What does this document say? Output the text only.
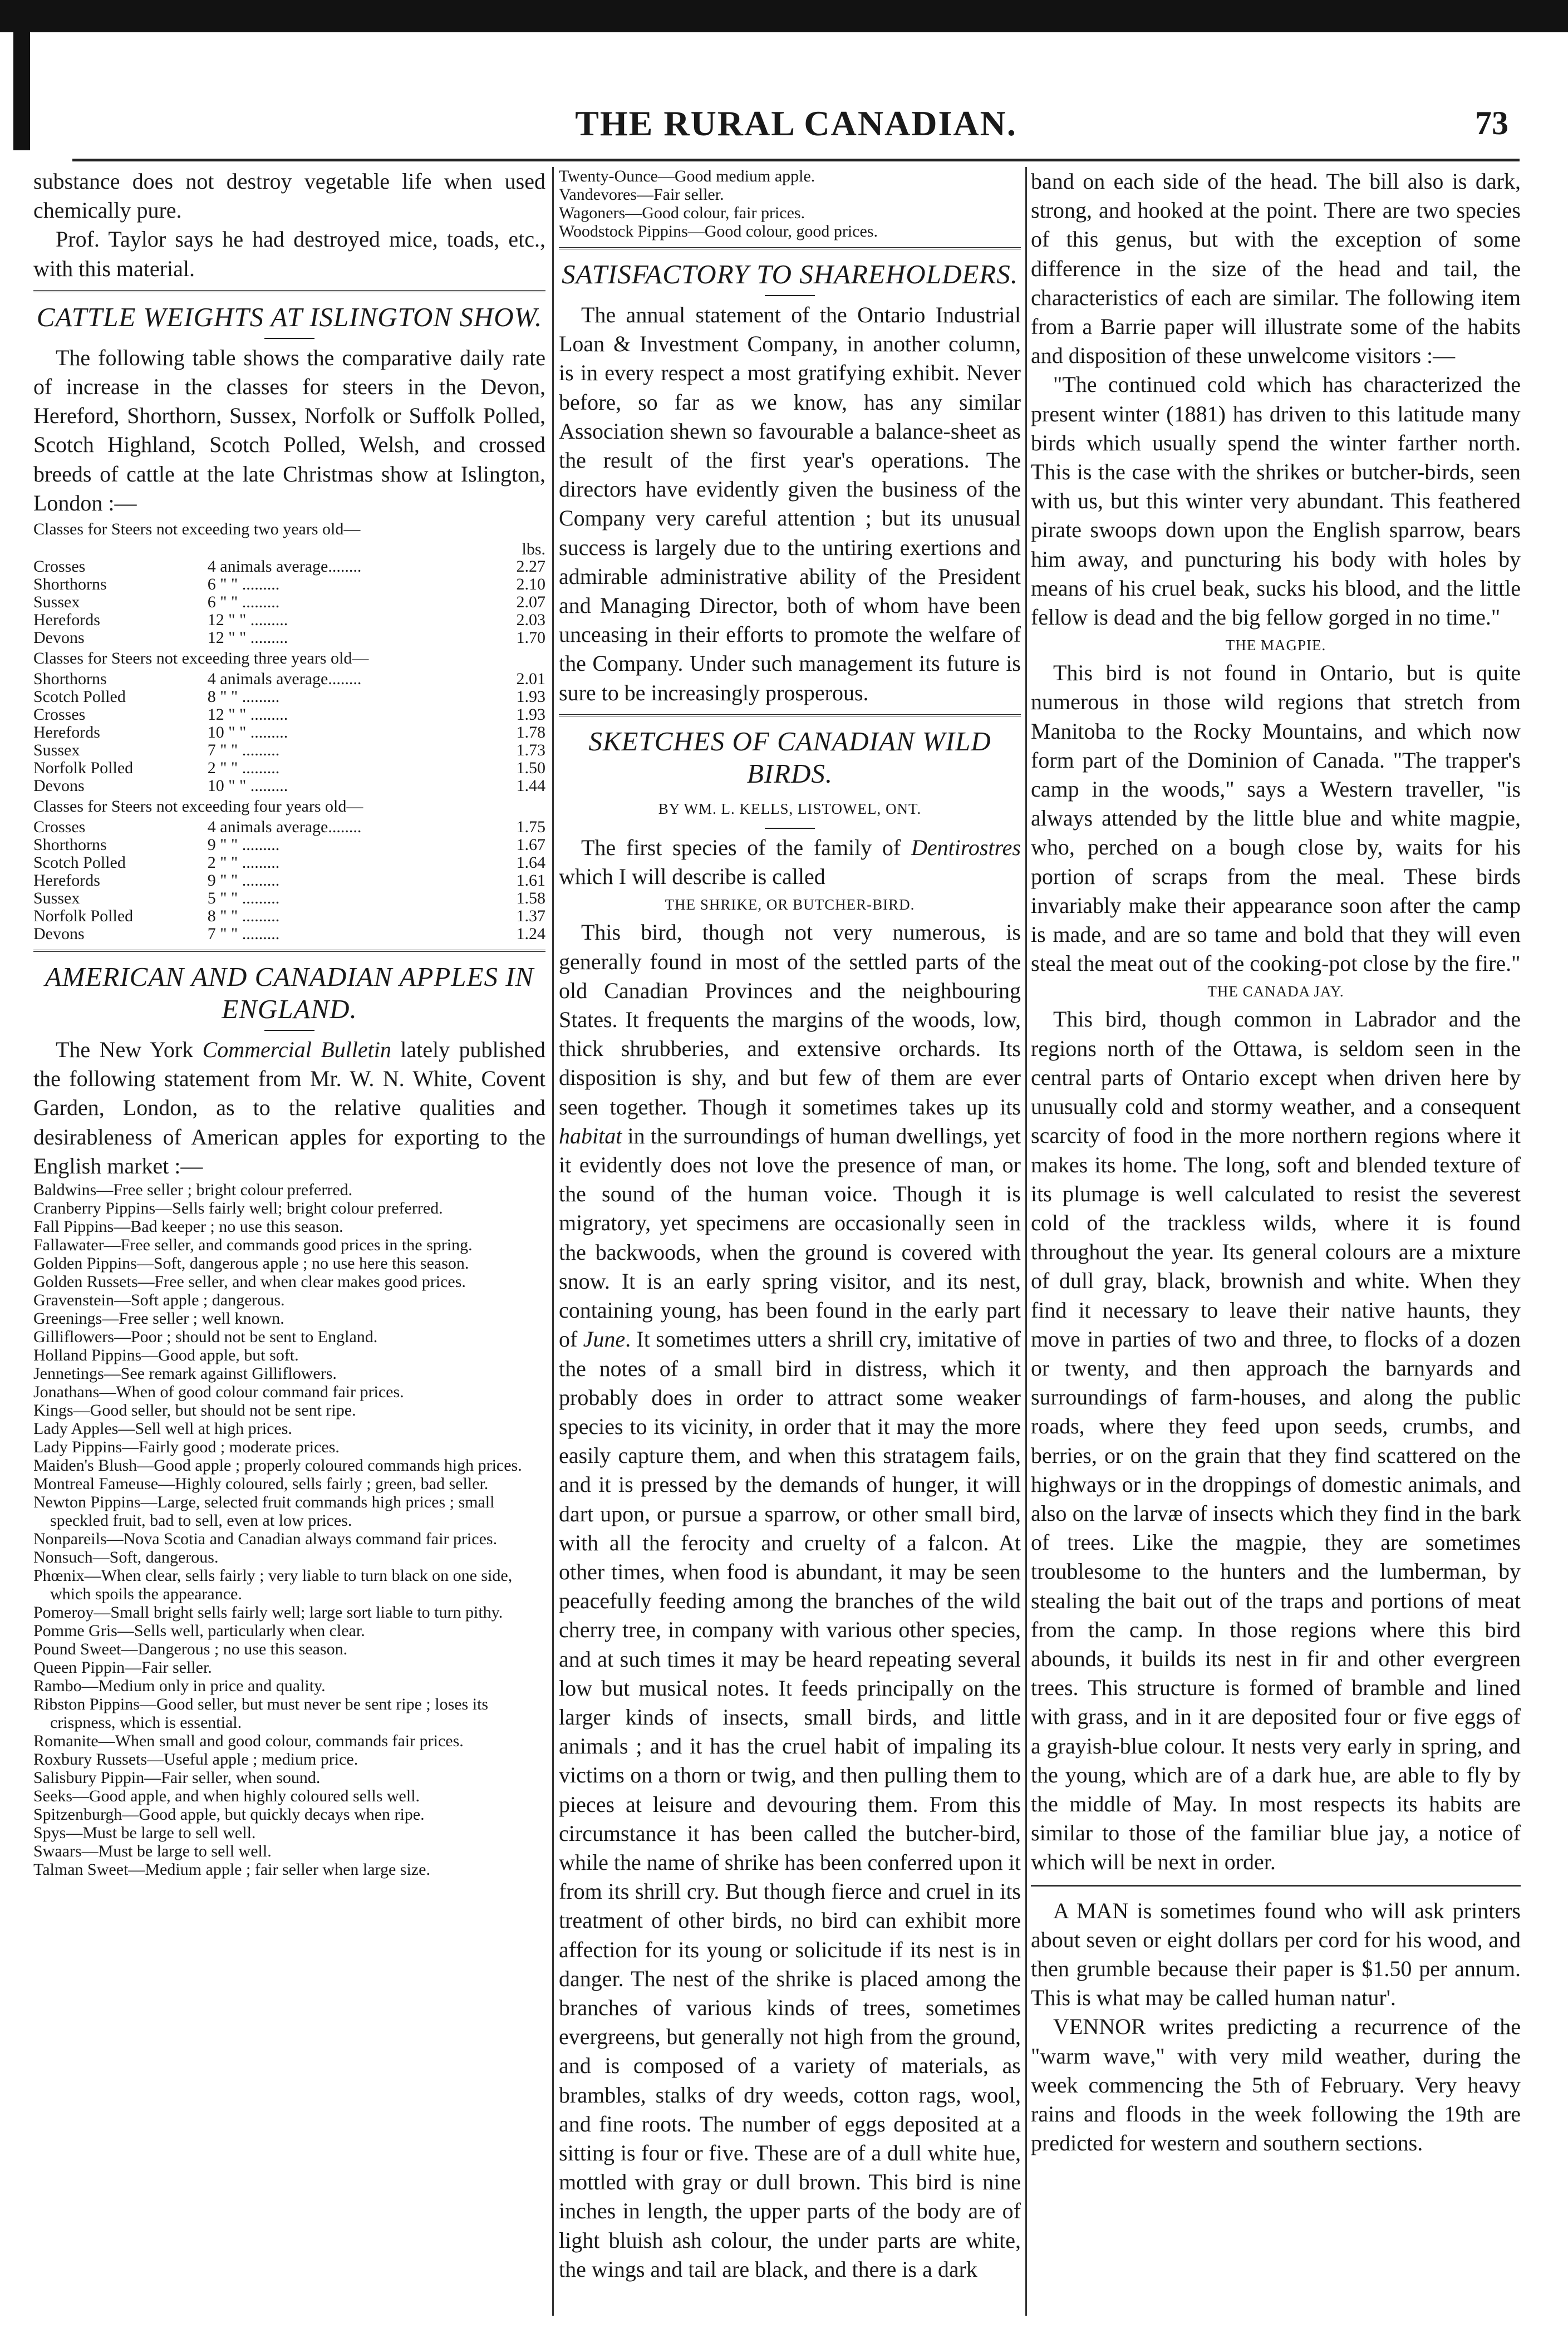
THE RURAL CANADIAN.	73

substance does not destroy vegetable life when used chemically pure.

Prof. Taylor says he had destroyed mice, toads, etc., with this material.

CATTLE WEIGHTS AT ISLINGTON SHOW.

The following table shows the comparative daily rate of increase in the classes for steers in the Devon, Hereford, Shorthorn, Sussex, Norfolk or Suffolk Polled, Scotch Highland, Scotch Polled, Welsh, and crossed breeds of cattle at the late Christmas show at Islington, London :—

Classes for Steers not exceeding two years old—
lbs.
Crosses	4 animals average........	2.27
Shorthorns	6 " " .........	2.10
Sussex	6 " " .........	2.07
Herefords	12 " " .........	2.03
Devons	12 " " .........	1.70
Classes for Steers not exceeding three years old—
Shorthorns	4 animals average........	2.01
Scotch Polled	8 " " .........	1.93
Crosses	12 " " .........	1.93
Herefords	10 " " .........	1.78
Sussex	7 " " .........	1.73
Norfolk Polled	2 " " .........	1.50
Devons	10 " " .........	1.44
Classes for Steers not exceeding four years old—
Crosses	4 animals average........	1.75
Shorthorns	9 " " .........	1.67
Scotch Polled	2 " " .........	1.64
Herefords	9 " " .........	1.61
Sussex	5 " " .........	1.58
Norfolk Polled	8 " " .........	1.37
Devons	7 " " .........	1.24
AMERICAN AND CANADIAN APPLES IN ENGLAND.

The New York Commercial Bulletin lately published the following statement from Mr. W. N. White, Covent Garden, London, as to the relative qualities and desirableness of American apples for exporting to the English market :—

Baldwins—Free seller ; bright colour preferred.
Cranberry Pippins—Sells fairly well; bright colour preferred.
Fall Pippins—Bad keeper ; no use this season.
Fallawater—Free seller, and commands good prices in the spring.
Golden Pippins—Soft, dangerous apple ; no use here this season.
Golden Russets—Free seller, and when clear makes good prices.
Gravenstein—Soft apple ; dangerous.
Greenings—Free seller ; well known.
Gilliflowers—Poor ; should not be sent to England.
Holland Pippins—Good apple, but soft.
Jennetings—See remark against Gilliflowers.
Jonathans—When of good colour command fair prices.
Kings—Good seller, but should not be sent ripe.
Lady Apples—Sell well at high prices.
Lady Pippins—Fairly good ; moderate prices.
Maiden's Blush—Good apple ; properly coloured commands high prices.
Montreal Fameuse—Highly coloured, sells fairly ; green, bad seller.
Newton Pippins—Large, selected fruit commands high prices ; small speckled fruit, bad to sell, even at low prices.
Nonpareils—Nova Scotia and Canadian always command fair prices.
Nonsuch—Soft, dangerous.
Phœnix—When clear, sells fairly ; very liable to turn black on one side, which spoils the appearance.
Pomeroy—Small bright sells fairly well; large sort liable to turn pithy.
Pomme Gris—Sells well, particularly when clear.
Pound Sweet—Dangerous ; no use this season.
Queen Pippin—Fair seller.
Rambo—Medium only in price and quality.
Ribston Pippins—Good seller, but must never be sent ripe ; loses its crispness, which is essential.
Romanite—When small and good colour, commands fair prices.
Roxbury Russets—Useful apple ; medium price.
Salisbury Pippin—Fair seller, when sound.
Seeks—Good apple, and when highly coloured sells well.
Spitzenburgh—Good apple, but quickly decays when ripe.
Spys—Must be large to sell well.
Swaars—Must be large to sell well.
Talman Sweet—Medium apple ; fair seller when large size.
Twenty-Ounce—Good medium apple.
Vandevores—Fair seller.
Wagoners—Good colour, fair prices.
Woodstock Pippins—Good colour, good prices.
SATISFACTORY TO SHAREHOLDERS.

The annual statement of the Ontario Industrial Loan & Investment Company, in another column, is in every respect a most gratifying exhibit. Never before, so far as we know, has any similar Association shewn so favourable a balance-sheet as the result of the first year's operations. The directors have evidently given the business of the Company very careful attention ; but its unusual success is largely due to the untiring exertions and admirable administrative ability of the President and Managing Director, both of whom have been unceasing in their efforts to promote the welfare of the Company. Under such management its future is sure to be increasingly prosperous.

SKETCHES OF CANADIAN WILD BIRDS.
BY WM. L. KELLS, LISTOWEL, ONT.

The first species of the family of Dentirostres which I will describe is called

THE SHRIKE, OR BUTCHER-BIRD.

This bird, though not very numerous, is generally found in most of the settled parts of the old Canadian Provinces and the neighbouring States. It frequents the margins of the woods, low, thick shrubberies, and extensive orchards. Its disposition is shy, and but few of them are ever seen together. Though it sometimes takes up its habitat in the surroundings of human dwellings, yet it evidently does not love the presence of man, or the sound of the human voice. Though it is migratory, yet specimens are occasionally seen in the backwoods, when the ground is covered with snow. It is an early spring visitor, and its nest, containing young, has been found in the early part of June. It sometimes utters a shrill cry, imitative of the notes of a small bird in distress, which it probably does in order to attract some weaker species to its vicinity, in order that it may the more easily capture them, and when this stratagem fails, and it is pressed by the demands of hunger, it will dart upon, or pursue a sparrow, or other small bird, with all the ferocity and cruelty of a falcon. At other times, when food is abundant, it may be seen peacefully feeding among the branches of the wild cherry tree, in company with various other species, and at such times it may be heard repeating several low but musical notes. It feeds principally on the larger kinds of insects, small birds, and little animals ; and it has the cruel habit of impaling its victims on a thorn or twig, and then pulling them to pieces at leisure and devouring them. From this circumstance it has been called the butcher-bird, while the name of shrike has been conferred upon it from its shrill cry. But though fierce and cruel in its treatment of other birds, no bird can exhibit more affection for its young or solicitude if its nest is in danger. The nest of the shrike is placed among the branches of various kinds of trees, sometimes evergreens, but generally not high from the ground, and is composed of a variety of materials, as brambles, stalks of dry weeds, cotton rags, wool, and fine roots. The number of eggs deposited at a sitting is four or five. These are of a dull white hue, mottled with gray or dull brown. This bird is nine inches in length, the upper parts of the body are of light bluish ash colour, the under parts are white, the wings and tail are black, and there is a dark

band on each side of the head. The bill also is dark, strong, and hooked at the point. There are two species of this genus, but with the exception of some difference in the size of the head and tail, the characteristics of each are similar. The following item from a Barrie paper will illustrate some of the habits and disposition of these unwelcome visitors :—

"The continued cold which has characterized the present winter (1881) has driven to this latitude many birds which usually spend the winter farther north. This is the case with the shrikes or butcher-birds, seen with us, but this winter very abundant. This feathered pirate swoops down upon the English sparrow, bears him away, and puncturing his body with holes by means of his cruel beak, sucks his blood, and the little fellow is dead and the big fellow gorged in no time."

THE MAGPIE.

This bird is not found in Ontario, but is quite numerous in those wild regions that stretch from Manitoba to the Rocky Mountains, and which now form part of the Dominion of Canada. "The trapper's camp in the woods," says a Western traveller, "is always attended by the little blue and white magpie, who, perched on a bough close by, waits for his portion of scraps from the meal. These birds invariably make their appearance soon after the camp is made, and are so tame and bold that they will even steal the meat out of the cooking-pot close by the fire."

THE CANADA JAY.

This bird, though common in Labrador and the regions north of the Ottawa, is seldom seen in the central parts of Ontario except when driven here by unusually cold and stormy weather, and a consequent scarcity of food in the more northern regions where it makes its home. The long, soft and blended texture of its plumage is well calculated to resist the severest cold of the trackless wilds, where it is found throughout the year. Its general colours are a mixture of dull gray, black, brownish and white. When they find it necessary to leave their native haunts, they move in parties of two and three, to flocks of a dozen or twenty, and then approach the barnyards and surroundings of farm-houses, and along the public roads, where they feed upon seeds, crumbs, and berries, or on the grain that they find scattered on the highways or in the droppings of domestic animals, and also on the larvæ of insects which they find in the bark of trees. Like the magpie, they are sometimes troublesome to the hunters and the lumberman, by stealing the bait out of the traps and portions of meat from the camp. In those regions where this bird abounds, it builds its nest in fir and other evergreen trees. This structure is formed of bramble and lined with grass, and in it are deposited four or five eggs of a grayish-blue colour. It nests very early in spring, and the young, which are of a dark hue, are able to fly by the middle of May. In most respects its habits are similar to those of the familiar blue jay, a notice of which will be next in order.

A MAN is sometimes found who will ask printers about seven or eight dollars per cord for his wood, and then grumble because their paper is $1.50 per annum. This is what may be called human natur'.

VENNOR writes predicting a recurrence of the "warm wave," with very mild weather, during the week commencing the 5th of February. Very heavy rains and floods in the week following the 19th are predicted for western and southern sections.
